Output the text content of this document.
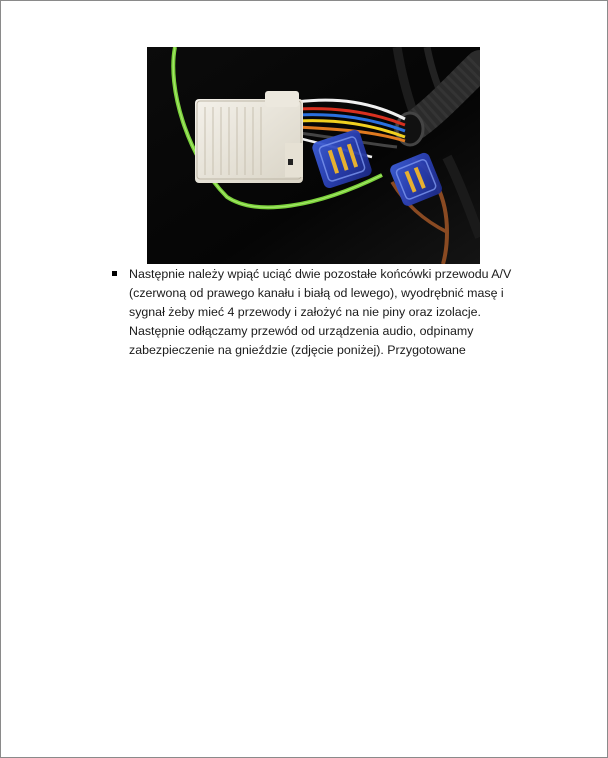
Następnie należy wpiąć uciąć dwie pozostałe końcówki przewodu A/V
(czerwoną od prawego kanału i białą od lewego), wyodrębnić masę i
sygnał żeby mieć 4 przewody i założyć na nie piny oraz izolacje.
Następnie odłączamy przewód od urządzenia audio, odpinamy
zabezpieczenie na gnieździe (zdjęcie poniżej). Przygotowane
